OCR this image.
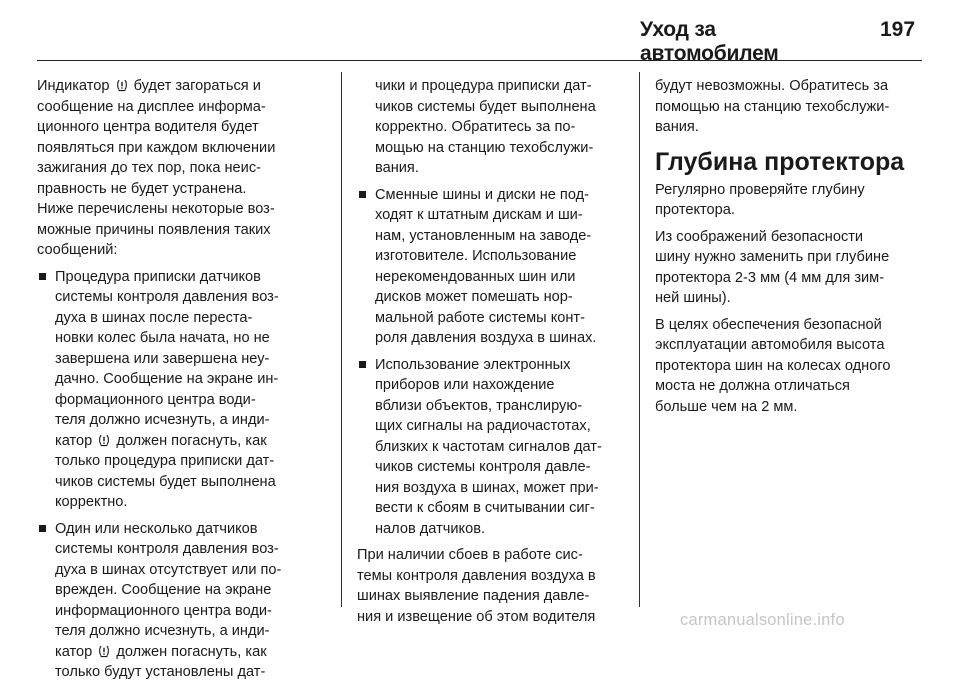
Уход за автомобилем
197
Индикатор
будет загораться и
сообщение на дисплее информа-
ционного центра водителя будет
появляться при каждом включении
зажигания до тех пор, пока неис-
правность не будет устранена.
Ниже перечислены некоторые воз-
можные причины появления таких
сообщений:
Процедура приписки датчиков
системы контроля давления воз-
духа в шинах после переста-
новки колес была начата, но не
завершена или завершена неу-
дачно. Сообщение на экране ин-
формационного центра води-
теля должно исчезнуть, а инди-
катор
должен погаснуть, как
только процедура приписки дат-
чиков системы будет выполнена
корректно.
Один или несколько датчиков
системы контроля давления воз-
духа в шинах отсутствует или по-
врежден. Сообщение на экране
информационного центра води-
теля должно исчезнуть, а инди-
катор
должен погаснуть, как
только будут установлены дат-
чики и процедура приписки дат-
чиков системы будет выполнена
корректно. Обратитесь за по-
мощью на станцию техобслужи-
вания.
Сменные шины и диски не под-
ходят к штатным дискам и ши-
нам, установленным на заводе-
изготовителе. Использование
нерекомендованных шин или
дисков может помешать нор-
мальной работе системы конт-
роля давления воздуха в шинах.
Использование электронных
приборов или нахождение
вблизи объектов, транслирую-
щих сигналы на радиочастотах,
близких к частотам сигналов дат-
чиков системы контроля давле-
ния воздуха в шинах, может при-
вести к сбоям в считывании сиг-
налов датчиков.
При наличии сбоев в работе сис-
темы контроля давления воздуха в
шинах выявление падения давле-
ния и извещение об этом водителя
будут невозможны. Обратитесь за
помощью на станцию техобслужи-
вания.
Глубина протектора
Регулярно проверяйте глубину
протектора.
Из соображений безопасности
шину нужно заменить при глубине
протектора 2-3 мм (4 мм для зим-
ней шины).
В целях обеспечения безопасной
эксплуатации автомобиля высота
протектора шин на колесах одного
моста не должна отличаться
больше чем на 2 мм.
carmanualsonline.info
